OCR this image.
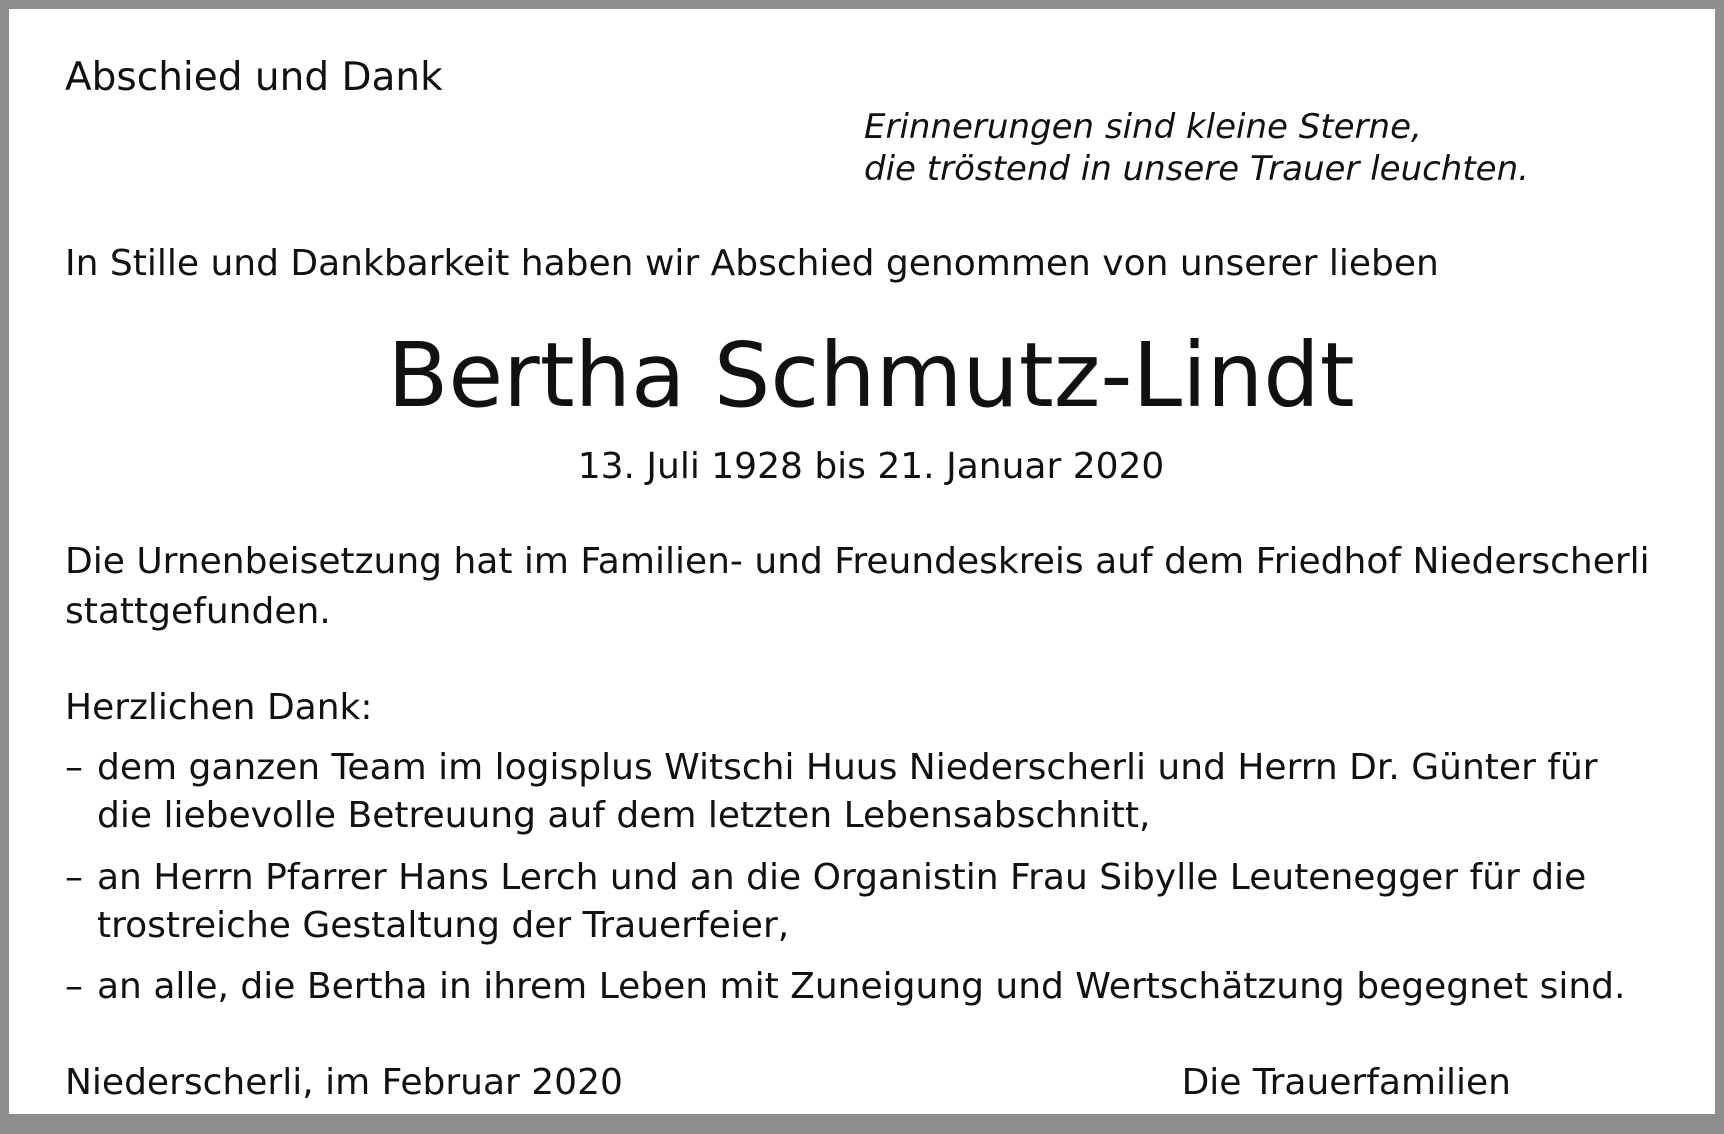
Abschied und Dank
Erinnerungen sind kleine Sterne,
die tröstend in unsere Trauer leuchten.
In Stille und Dankbarkeit haben wir Abschied genommen von unserer lieben
Bertha Schmutz-Lindt
13. Juli 1928 bis 21. Januar 2020
Die Urnenbeisetzung hat im Familien- und Freundeskreis auf dem Friedhof Niederscherli
stattgefunden.
Herzlichen Dank:
– dem ganzen Team im logisplus Witschi Huus Niederscherli und Herrn Dr. Günter für
die liebevolle Betreuung auf dem letzten Lebensabschnitt,
– an Herrn Pfarrer Hans Lerch und an die Organistin Frau Sibylle Leutenegger für die
trostreiche Gestaltung der Trauerfeier,
– an alle, die Bertha in ihrem Leben mit Zuneigung und Wertschätzung begegnet sind.
Niederscherli, im Februar 2020	Die Trauerfamilien
